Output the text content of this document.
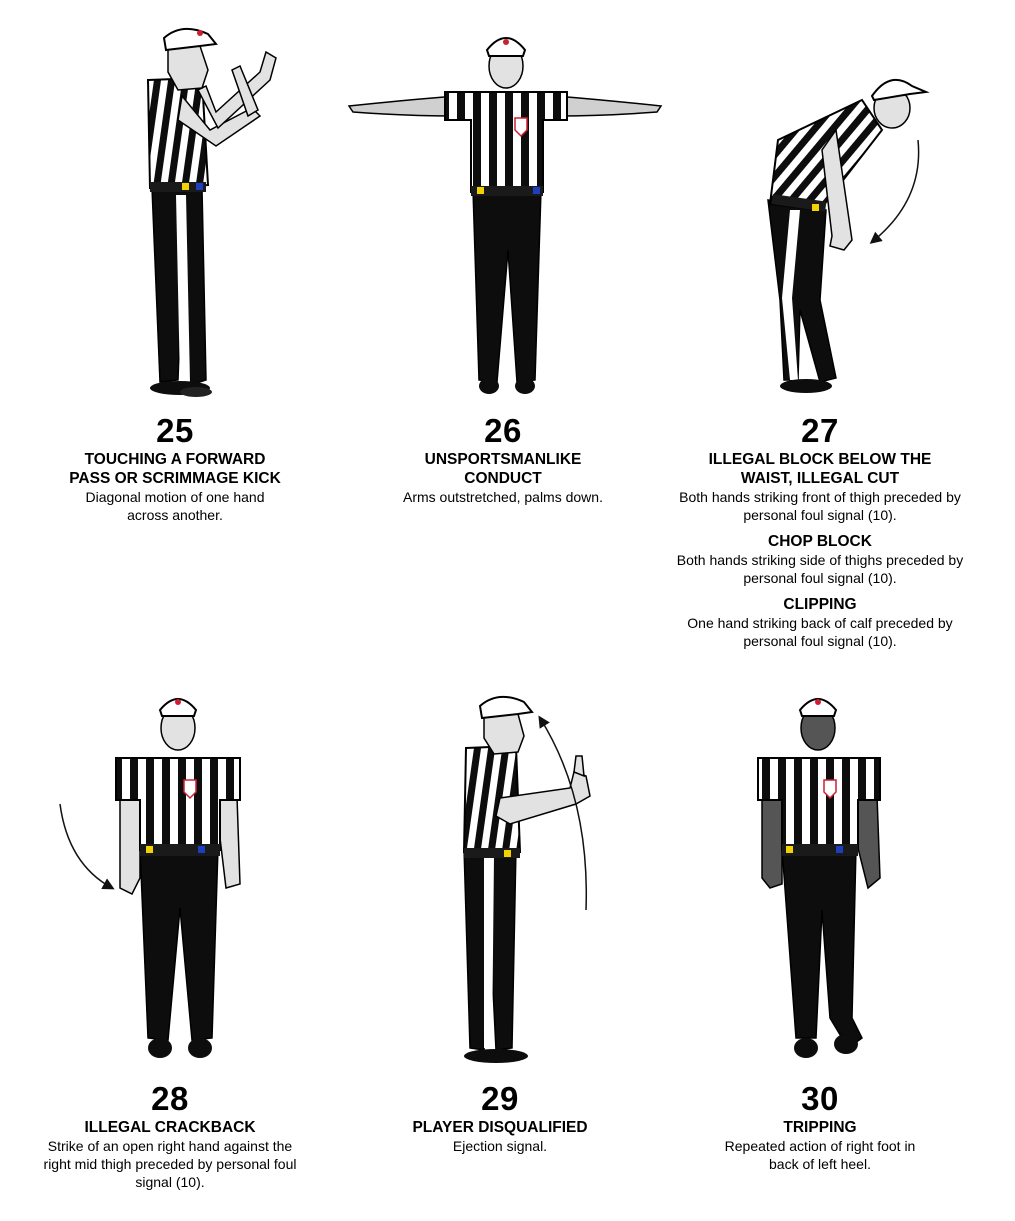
25
TOUCHING A FORWARD
PASS OR SCRIMMAGE KICK
Diagonal motion of one hand
across another.
26
UNSPORTSMANLIKE
CONDUCT
Arms outstretched, palms down.
27
ILLEGAL BLOCK BELOW THE
WAIST, ILLEGAL CUT
Both hands striking front of thigh preceded by
personal foul signal (10).
CHOP BLOCK
Both hands striking side of thighs preceded by
personal foul signal (10).
CLIPPING
One hand striking back of calf preceded by
personal foul signal (10).
28
ILLEGAL CRACKBACK
Strike of an open right hand against the
right mid thigh preceded by personal foul
signal (10).
29
PLAYER DISQUALIFIED
Ejection signal.
30
TRIPPING
Repeated action of right foot in
back of left heel.
